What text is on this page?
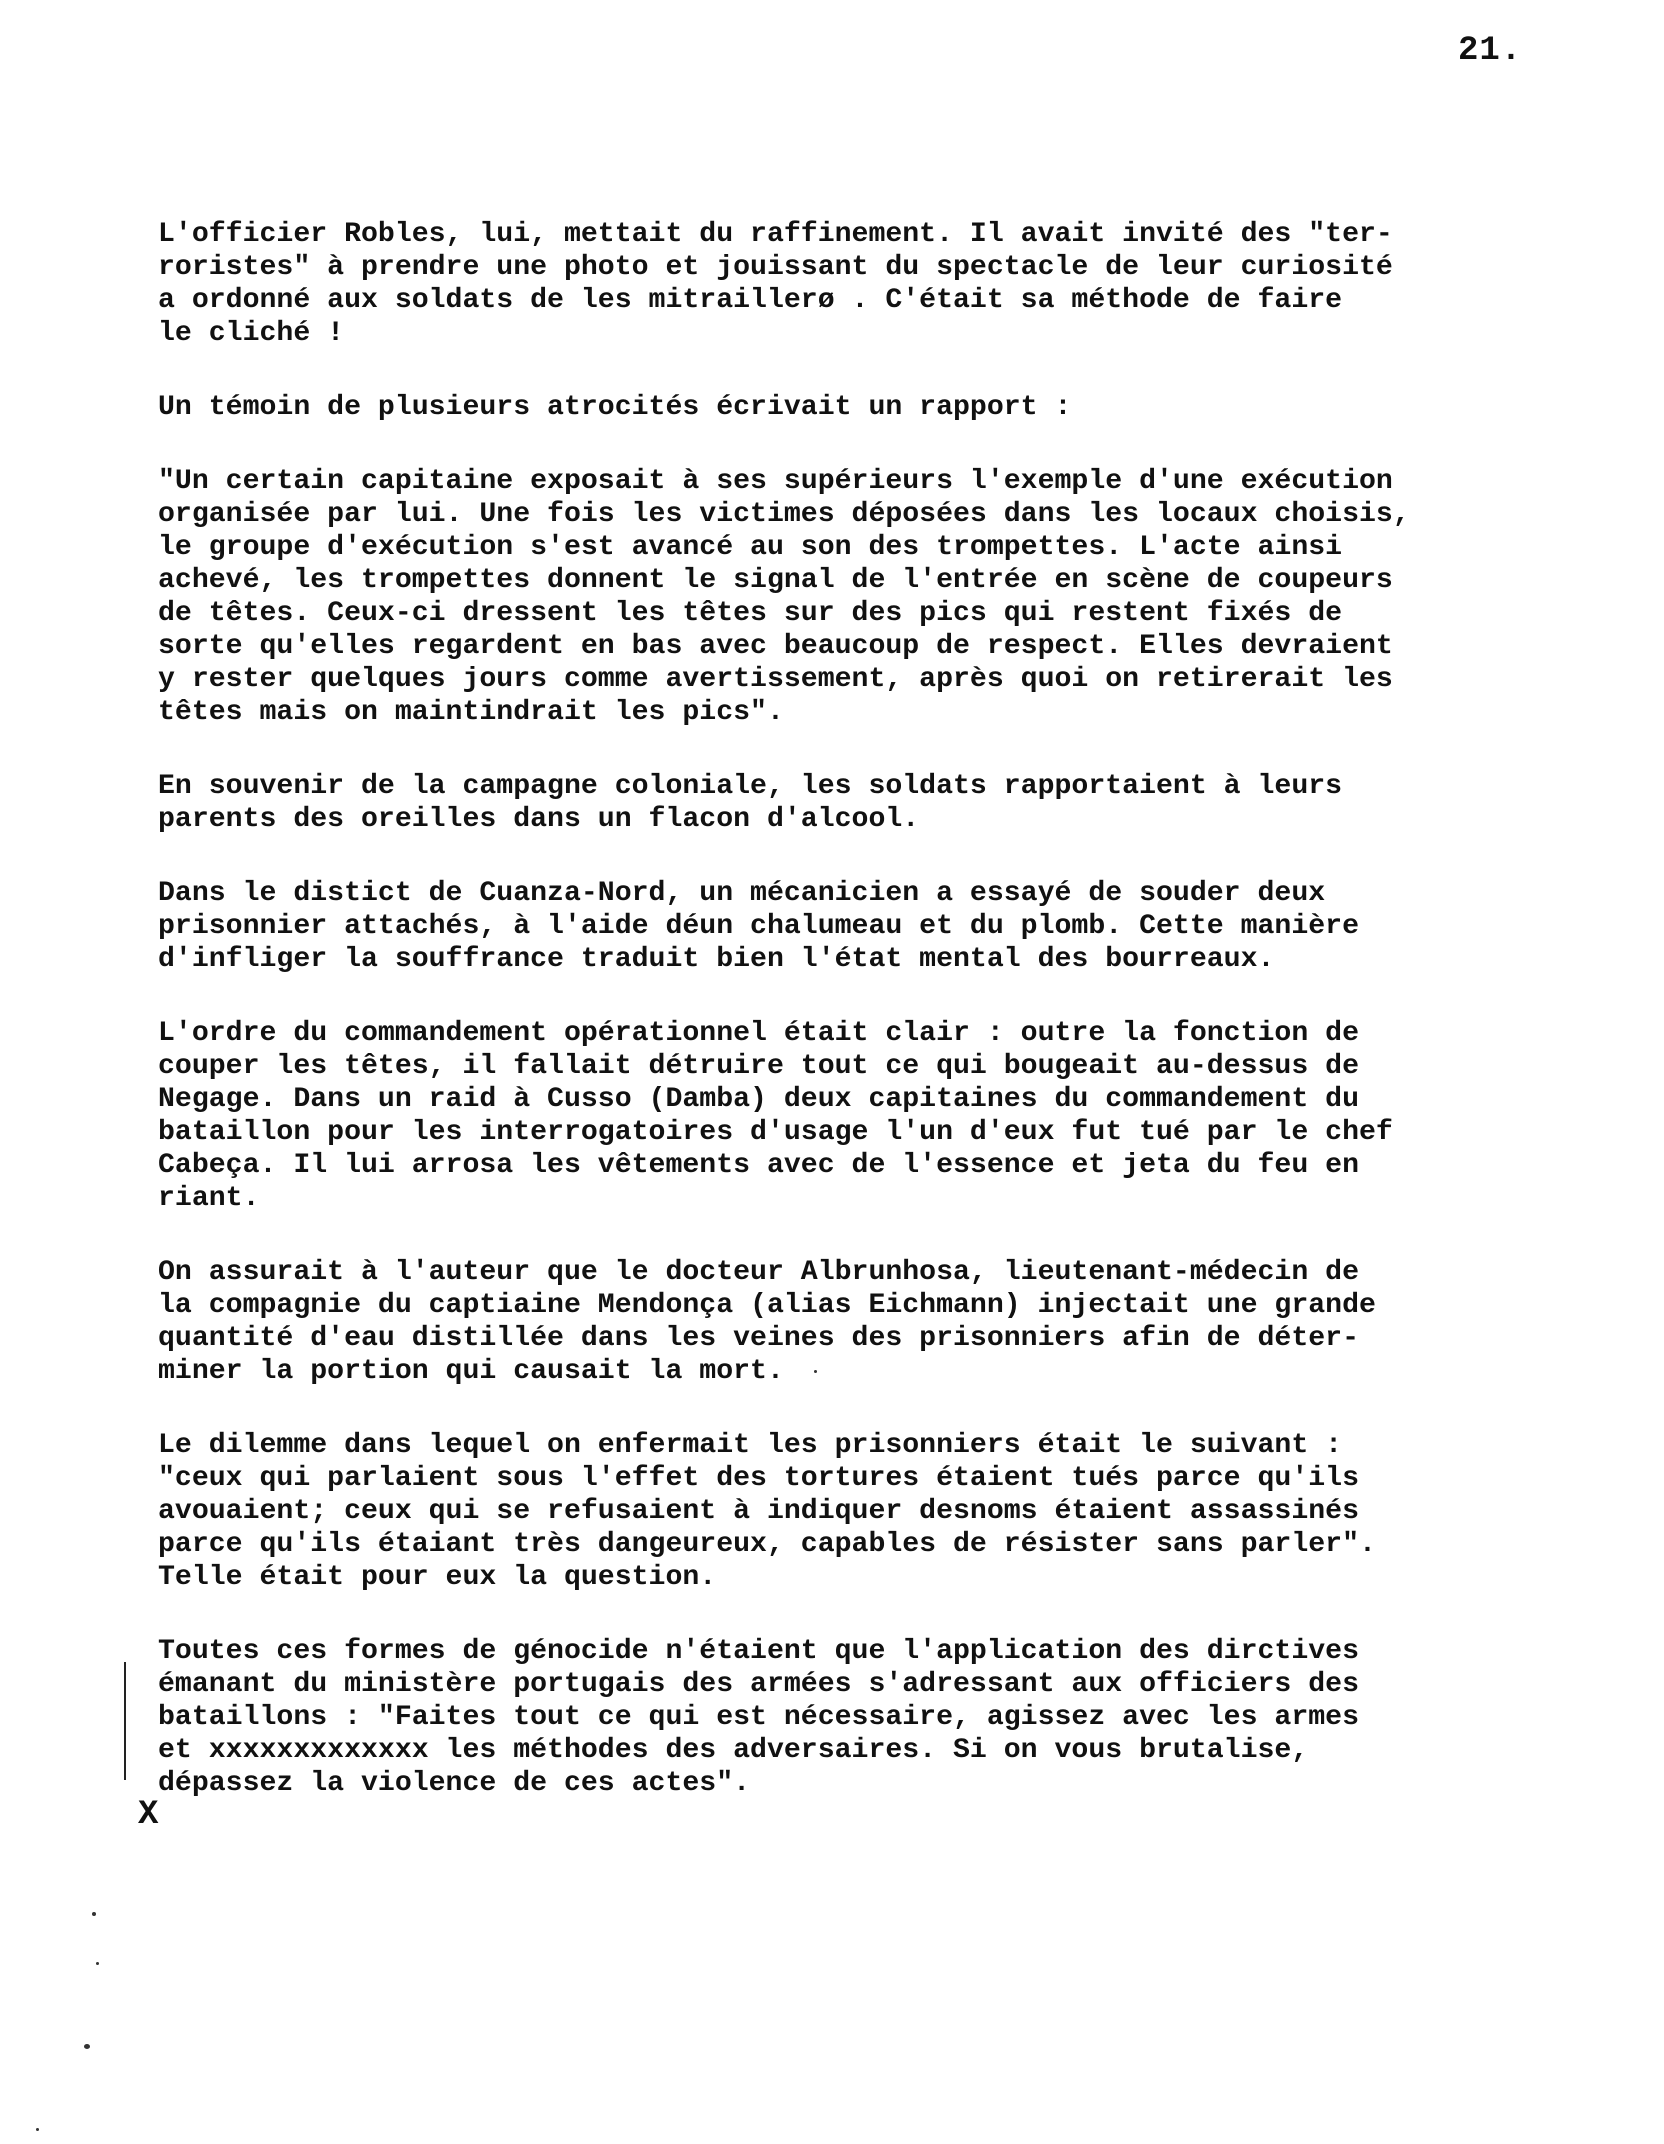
21.
L'officier Robles, lui, mettait du raffinement. Il avait invité des "ter-
roristes" à prendre une photo et jouissant du spectacle de leur curiosité
a ordonné aux soldats de les mitraillerø . C'était sa méthode de faire
le cliché !
Un témoin de plusieurs atrocités écrivait un rapport :
"Un certain capitaine exposait à ses supérieurs l'exemple d'une exécution
organisée par lui. Une fois les victimes déposées dans les locaux choisis,
le groupe d'exécution s'est avancé au son des trompettes. L'acte ainsi
achevé, les trompettes donnent le signal de l'entrée en scène de coupeurs
de têtes. Ceux-ci dressent les têtes sur des pics qui restent fixés de
sorte qu'elles regardent en bas avec beaucoup de respect. Elles devraient
y rester quelques jours comme avertissement, après quoi on retirerait les
têtes mais on maintindrait les pics".
En souvenir de la campagne coloniale, les soldats rapportaient à leurs
parents des oreilles dans un flacon d'alcool.
Dans le distict de Cuanza-Nord, un mécanicien a essayé de souder deux
prisonnier attachés, à l'aide déun chalumeau et du plomb. Cette manière
d'infliger la souffrance traduit bien l'état mental des bourreaux.
L'ordre du commandement opérationnel était clair : outre la fonction de
couper les têtes, il fallait détruire tout ce qui bougeait au-dessus de
Negage. Dans un raid à Cusso (Damba) deux capitaines du commandement du
bataillon pour les interrogatoires d'usage l'un d'eux fut tué par le chef
Cabeça. Il lui arrosa les vêtements avec de l'essence et jeta du feu en
riant.
On assurait à l'auteur que le docteur Albrunhosa, lieutenant-médecin de
la compagnie du captiaine Mendonça (alias Eichmann) injectait une grande
quantité d'eau distillée dans les veines des prisonniers afin de déter-
miner la portion qui causait la mort.
Le dilemme dans lequel on enfermait les prisonniers était le suivant :
"ceux qui parlaient sous l'effet des tortures étaient tués parce qu'ils
avouaient; ceux qui se refusaient à indiquer desnoms étaient assassinés
parce qu'ils étaiant très dangeureux, capables de résister sans parler".
Telle était pour eux la question.
Toutes ces formes de génocide n'étaient que l'application des dirctives
émanant du ministère portugais des armées s'adressant aux officiers des
bataillons : "Faites tout ce qui est nécessaire, agissez avec les armes
et xxxxxxxxxxxxx les méthodes des adversaires. Si on vous brutalise,
dépassez la violence de ces actes".
X
